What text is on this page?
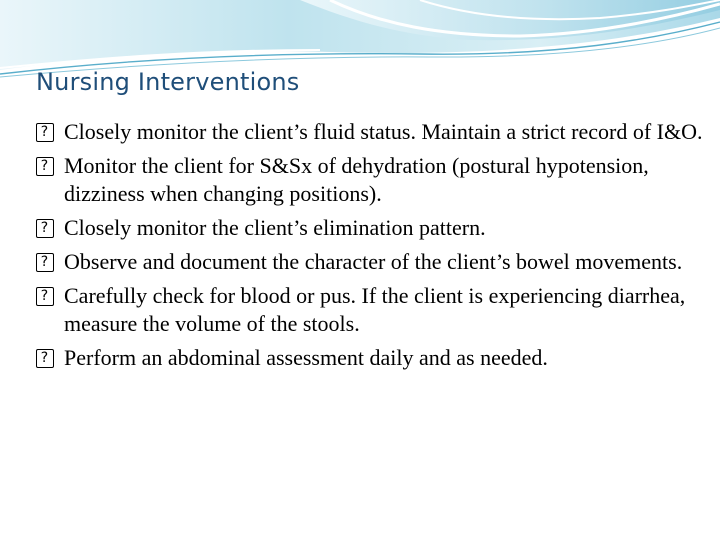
Nursing Interventions
?
Closely monitor the client’s fluid status. Maintain a strict record of I&O.
?
Monitor the client for S&Sx of dehydration (postural hypotension, dizziness when changing positions).
?
Closely monitor the client’s elimination pattern.
?
Observe and document the character of the client’s bowel movements.
?
Carefully check for blood or pus. If the client is experiencing diarrhea, measure the volume of the stools.
?
Perform an abdominal assessment daily and as needed.
